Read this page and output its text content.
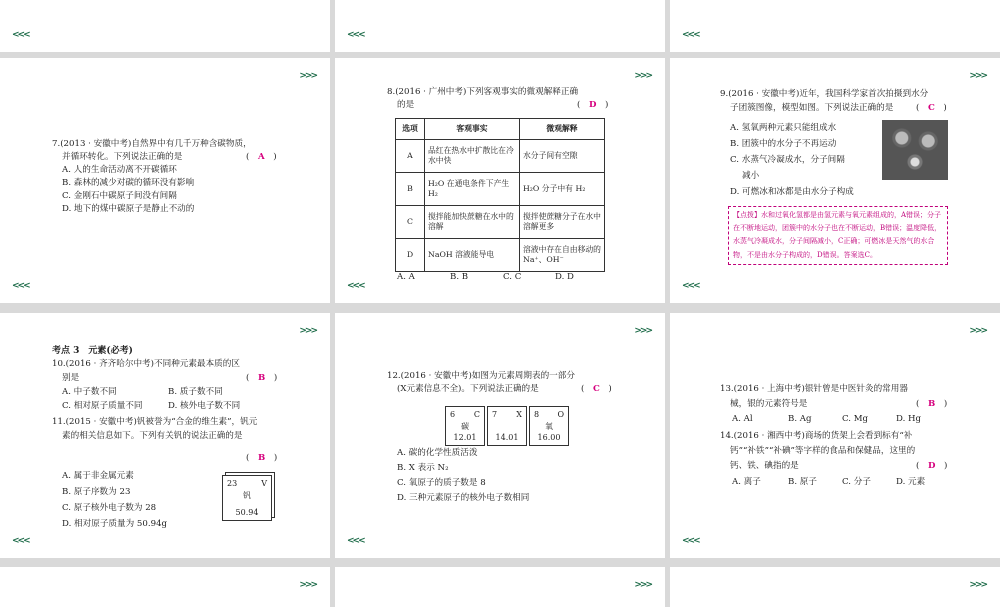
<<<	<<<	<<<
>>>
7.(2013 · 安徽中考)自然界中有几千万种含碳物质，
并循环转化。下列说法正确的是	(　A　)
A. 人的生命活动离不开碳循环
B. 森林的减少对碳的循环没有影响
C. 金刚石中碳原子间没有间隔
D. 地下的煤中碳原子是静止不动的
<<<
>>>
8.(2016 · 广州中考)下列客观事实的微观解释正确
的是	(　D　)
选项	客观事实	微观解释
A	品红在热水中扩散比在冷水中快	水分子间有空隙
B	H₂O 在通电条件下产生 H₂	H₂O 分子中有 H₂
C	搅拌能加快蔗糖在水中的溶解	搅拌使蔗糖分子在水中溶解更多
D	NaOH 溶液能导电	溶液中存在自由移动的 Na⁺、OH⁻
A. A	B. B	C. C	D. D
<<<
>>>
9.(2016 · 安徽中考)近年，我国科学家首次拍摄到水分
子团簇图像，模型如图。下列说法正确的是	(　C　)
A. 氢氧两种元素只能组成水
B. 团簇中的水分子不再运动
C. 水蒸气冷凝成水，分子间隔
减小
D. 可燃冰和冰都是由水分子构成
【点拨】水和过氧化氢都是由氢元素与氧元素组成的，A错误；分子在不断地运动，团簇中的水分子也在不断运动，B错误；温度降低，水蒸气冷凝成水，分子间隔减小，C正确；可燃冰是天然气的水合物，不是由水分子构成的，D错误。答案选C。
<<<
>>>
考点 3　元素(必考)
10.(2016 · 齐齐哈尔中考)不同种元素最本质的区
别是	(　B　)
A. 中子数不同	B. 质子数不同
C. 相对原子质量不同	D. 核外电子数不同
11.(2015 · 安徽中考)钒被誉为“合金的维生素”，钒元
素的相关信息如下。下列有关钒的说法正确的是
(　B　)
A. 属于非金属元素
B. 原子序数为 23
C. 原子核外电子数为 28
D. 相对原子质量为 50.94g
23	V
钒
50.94
<<<
>>>
12.(2016 · 安徽中考)如图为元素周期表的一部分
(X元素信息不全)。下列说法正确的是	(　C　)
6 C
碳
12.01
7 X
14.01
8 O
氧
16.00
A. 碳的化学性质活泼
B. X 表示 N₂
C. 氧原子的质子数是 8
D. 三种元素原子的核外电子数相同
<<<
>>>
13.(2016 · 上海中考)银针曾是中医针灸的常用器
械，银的元素符号是	(　B　)
A. Al	B. Ag	C. Mg	D. Hg
14.(2016 · 湘西中考)商场的货架上会看到标有“补
钙”“补铁”“补碘”等字样的食品和保健品，这里的
钙、铁、碘指的是	(　D　)
A. 离子	B. 原子	C. 分子	D. 元素
<<<
>>>	>>>	>>>
